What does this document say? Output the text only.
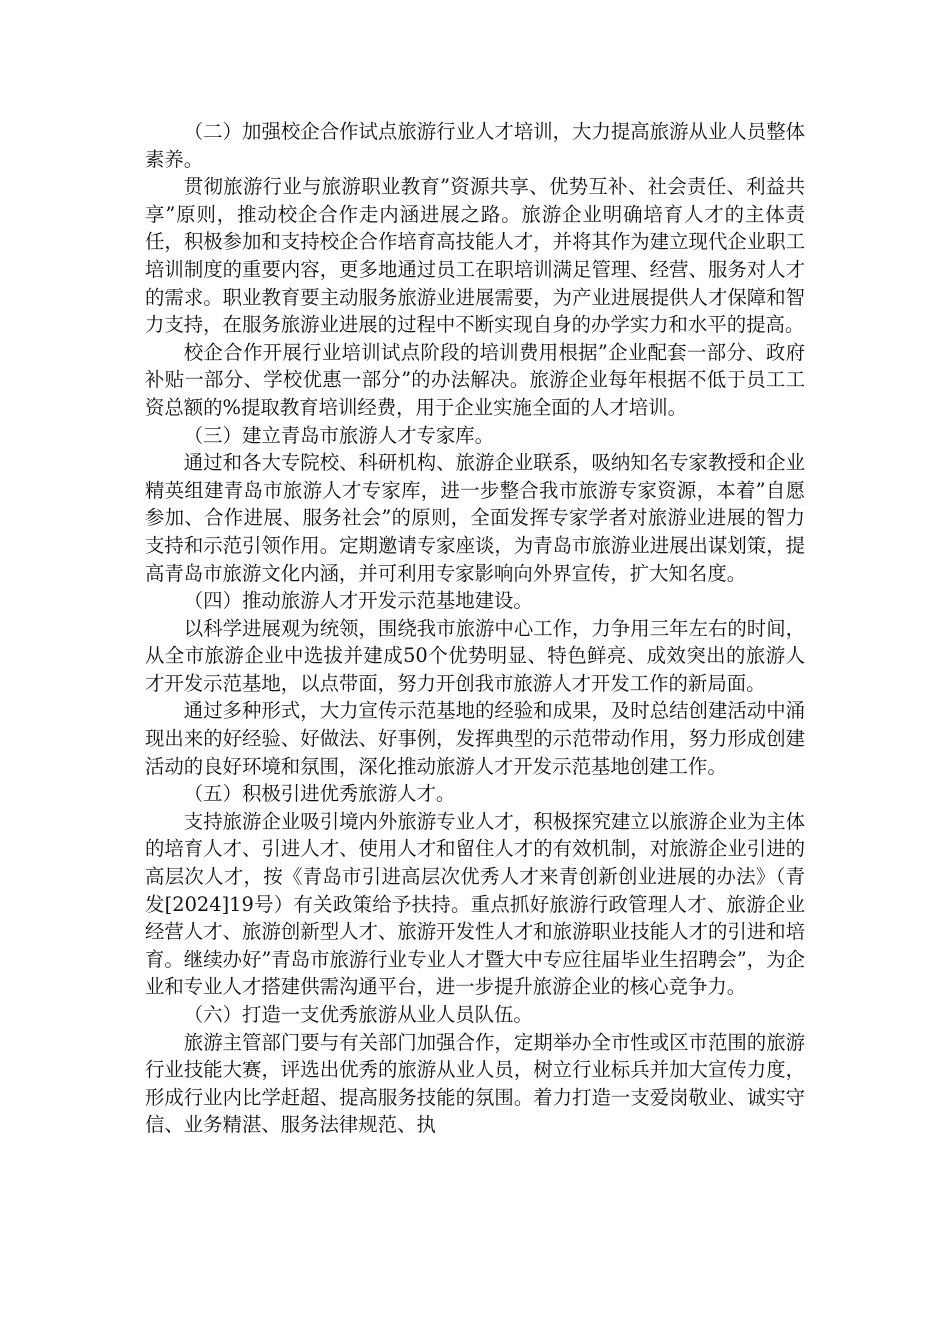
（二）加强校企合作试点旅游行业人才培训，大力提高旅游从业人员整体素养。

贯彻旅游行业与旅游职业教育”资源共享、优势互补、社会责任、利益共享”原则，推动校企合作走内涵进展之路。旅游企业明确培育人才的主体责任，积极参加和支持校企合作培育高技能人才，并将其作为建立现代企业职工培训制度的重要内容，更多地通过员工在职培训满足管理、经营、服务对人才的需求。职业教育要主动服务旅游业进展需要，为产业进展提供人才保障和智力支持，在服务旅游业进展的过程中不断实现自身的办学实力和水平的提高。

校企合作开展行业培训试点阶段的培训费用根据”企业配套一部分、政府补贴一部分、学校优惠一部分”的办法解决。旅游企业每年根据不低于员工工资总额的%提取教育培训经费，用于企业实施全面的人才培训。

（三）建立青岛市旅游人才专家库。

通过和各大专院校、科研机构、旅游企业联系，吸纳知名专家教授和企业精英组建青岛市旅游人才专家库，进一步整合我市旅游专家资源，本着”自愿参加、合作进展、服务社会”的原则，全面发挥专家学者对旅游业进展的智力支持和示范引领作用。定期邀请专家座谈，为青岛市旅游业进展出谋划策，提高青岛市旅游文化内涵，并可利用专家影响向外界宣传，扩大知名度。

（四）推动旅游人才开发示范基地建设。

以科学进展观为统领，围绕我市旅游中心工作，力争用三年左右的时间，从全市旅游企业中选拔并建成50个优势明显、特色鲜亮、成效突出的旅游人才开发示范基地，以点带面，努力开创我市旅游人才开发工作的新局面。

通过多种形式，大力宣传示范基地的经验和成果，及时总结创建活动中涌现出来的好经验、好做法、好事例，发挥典型的示范带动作用，努力形成创建活动的良好环境和氛围，深化推动旅游人才开发示范基地创建工作。

（五）积极引进优秀旅游人才。

支持旅游企业吸引境内外旅游专业人才，积极探究建立以旅游企业为主体的培育人才、引进人才、使用人才和留住人才的有效机制，对旅游企业引进的高层次人才，按《青岛市引进高层次优秀人才来青创新创业进展的办法》（青发[2024]19号）有关政策给予扶持。重点抓好旅游行政管理人才、旅游企业经营人才、旅游创新型人才、旅游开发性人才和旅游职业技能人才的引进和培育。继续办好”青岛市旅游行业专业人才暨大中专应往届毕业生招聘会”，为企业和专业人才搭建供需沟通平台，进一步提升旅游企业的核心竞争力。

（六）打造一支优秀旅游从业人员队伍。

旅游主管部门要与有关部门加强合作，定期举办全市性或区市范围的旅游行业技能大赛，评选出优秀的旅游从业人员，树立行业标兵并加大宣传力度，形成行业内比学赶超、提高服务技能的氛围。着力打造一支爱岗敬业、诚实守信、业务精湛、服务法律规范、执
